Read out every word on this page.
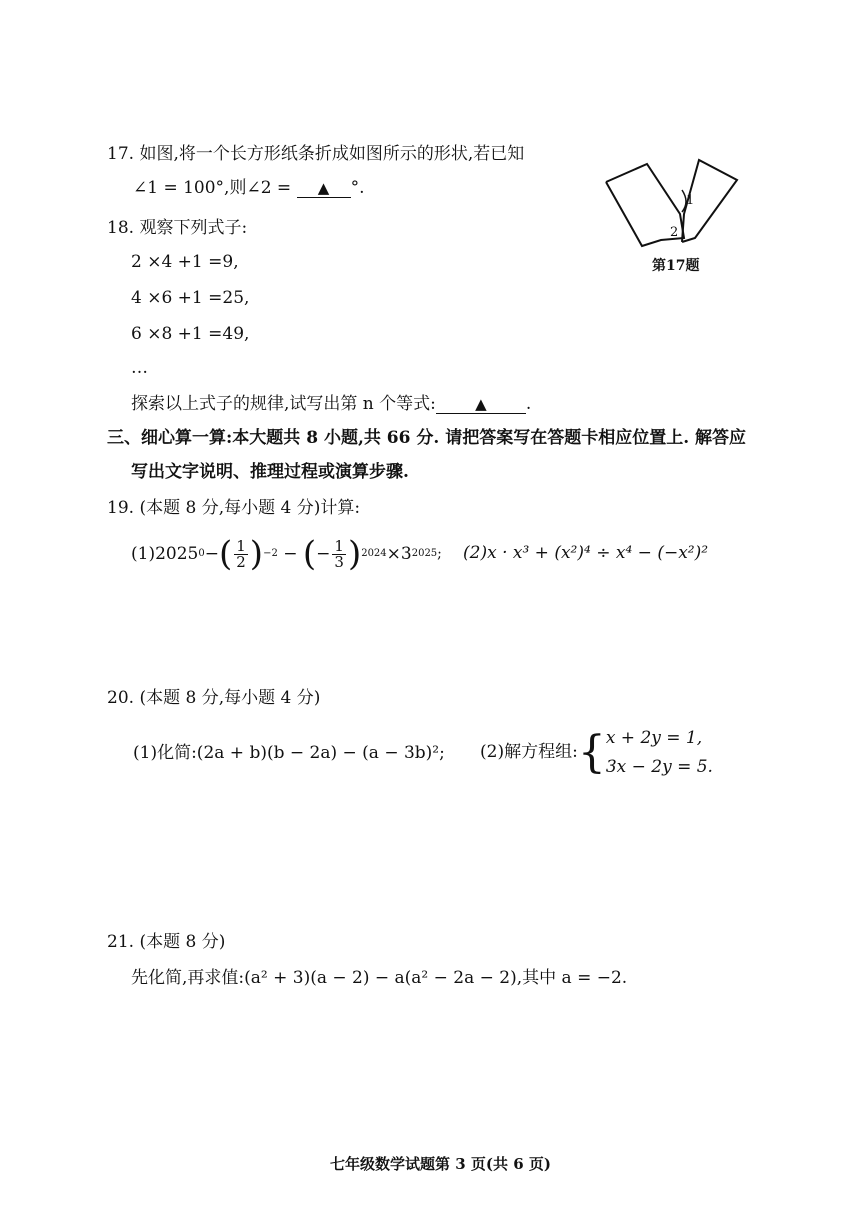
17. 如图,将一个长方形纸条折成如图所示的形状,若已知
∠1 = 100°,则∠2 = ▲ °.
1
2
第17题
18. 观察下列式子:
2 ×4 +1 =9,
4 ×6 +1 =25,
6 ×8 +1 =49,
…
探索以上式子的规律,试写出第 n 个等式:	▲ .
三、细心算一算:本大题共 8 小题,共 66 分. 请把答案写在答题卡相应位置上. 解答应
写出文字说明、推理过程或演算步骤.
19. (本题 8 分,每小题 4 分)计算:
(1)2025 0 − ( $\frac{1}{2}$ ) −2 − ( − $\frac{1}{3}$ ) 2024 ×3 2025 ; (2)x · x³ + (x²)⁴ ÷ x⁴ − (−x²)²
20. (本题 8 分,每小题 4 分)
(1)化简:(2a + b)(b − 2a) − (a − 3b)²; (2)解方程组: { x + 2y = 1,
3x − 2y = 5.
21. (本题 8 分)
先化简,再求值:(a² + 3)(a − 2) − a(a² − 2a − 2),其中 a = −2.
七年级数学试题第 3 页(共 6 页)
